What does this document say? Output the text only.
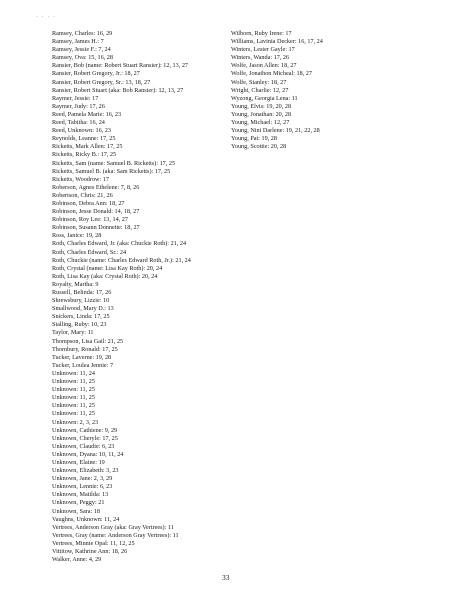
· · · ·
Ramsey, Charles: 16, 29
Ramsey, James H.: 7
Ramsey, Jessie F.: 7, 24
Ramsey, Ova: 15, 16, 28
Ransier, Bob (name: Robert Stuart Ransier): 12, 13, 27
Ransier, Robert Gregory, Jr.: 18, 27
Ransier, Robert Gregory, Sr.: 13, 18, 27
Ransier, Robert Stuart (aka: Bob Ransier): 12, 13, 27
Raymer, Jessie: 17
Raymer, Judy: 17, 26
Reed, Pamela Marie: 16, 23
Reed, Tabitha: 16, 24
Reed, Unknown: 16, 23
Reynolds, Leanne: 17, 25
Ricketts, Mark Allen: 17, 25
Ricketts, Ricky B.: 17, 25
Ricketts, Sam (name: Samuel B. Ricketts): 17, 25
Ricketts, Samuel B. (aka: Sam Ricketts): 17, 25
Ricketts, Woodrow: 17
Roberson, Agnes Ethelene: 7, 8, 26
Robertson, Chris: 21, 26
Robinson, Debra Ann: 18, 27
Robinson, Jesse Donald: 14, 18, 27
Robinson, Roy Lee: 13, 14, 27
Robinson, Susann Donnette: 18, 27
Ross, Janice: 19, 28
Roth, Charles Edward, Jr. (aka: Chuckie Roth): 21, 24
Roth, Charles Edward, Sr.: 24
Roth, Chuckie (name: Charles Edward Roth, Jr.): 21, 24
Roth, Crystal (name: Lisa Kay Roth): 20, 24
Roth, Lisa Kay (aka: Crystal Roth): 20, 24
Royalty, Martha: 9
Russell, Belinda: 17, 26
Shrewsbury, Lizzie: 10
Smallwood, Mary D.: 13
Snickers, Linda: 17, 25
Stalling, Ruby: 10, 23
Taylor, Mary: 11
Thompson, Lisa Gail: 21, 25
Thornbury, Ronald: 17, 25
Tucker, Laverne: 19, 28
Tucker, Loulea Jennie: 7
Unknown: 11, 24
Unknown: 11, 25
Unknown: 11, 25
Unknown: 11, 25
Unknown: 11, 25
Unknown: 11, 25
Unknown: 2, 3, 23
Unknown, Cathiene: 9, 29
Unknown, Cheryle: 17, 25
Unknown, Claudie: 6, 23
Unknown, Dyana: 10, 11, 24
Unknown, Elaine: 19
Unknown, Elizabeth: 3, 23
Unknown, Jane: 2, 3, 29
Unknown, Lennie: 6, 23
Unknown, Matilda: 13
Unknown, Peggy: 21
Unknown, Sara: 18
Vaughns, Unknown: 11, 24
Vertrees, Anderson Gray (aka: Gray Vertrees): 11
Vertrees, Gray (name: Anderson Gray Vertrees): 11
Vertrees, Minnie Opal: 11, 12, 25
Vittitow, Kathrine Ann: 18, 26
Walker, Anne: 4, 29
Wilborn, Ruby Irene: 17
Williams, Lavinia Decker: 16, 17, 24
Winters, Lester Gayle: 17
Winters, Wanda: 17, 26
Wolfe, Jason Allen: 18, 27
Wolfe, Jonathon Micheal: 18, 27
Wolfe, Stanley: 18, 27
Wright, Charlie: 12, 27
Wyzong, Georgia Lena: 11
Young, Elvis: 19, 20, 28
Young, Jonathan: 20, 28
Young, Michael: 12, 27
Young, Nini Darlene: 19, 21, 22, 28
Young, Pat: 19, 28
Young, Scottie: 20, 28
33
